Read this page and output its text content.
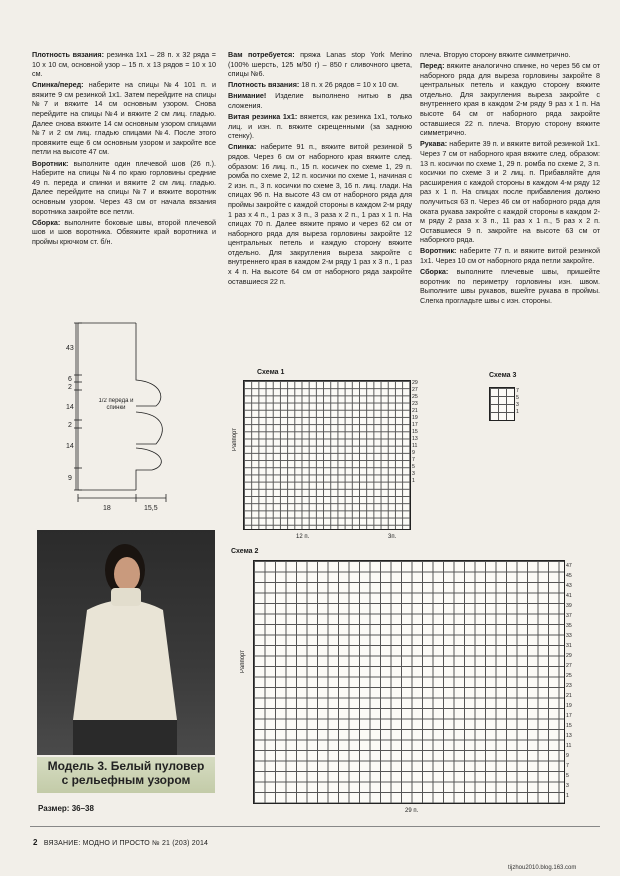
Плотность вязания: резинка 1х1 – 28 п. х 32 ряда = 10 х 10 см, основной узор – 15 п. х 13 рядов = 10 х 10 см.

Спинка/перед: наберите на спицы №4 101 п. и вяжите 9 см резинкой 1х1. Затем перейдите на спицы №7 и вяжите 14 см основным узором. Снова перейдите на спицы №4 и вяжите 2 см лиц. гладью. Далее снова вяжите 14 см основным узором спицами №7 и 2 см лиц. гладью спицами №4. После этого провяжите еще 6 см основным узором и закройте все петли на высоте 47 см.

Воротник: выполните один плечевой шов (26 п.). Наберите на спицы №4 по краю горловины средние 49 п. переда и спинки и вяжите 2 см лиц. гладью. Далее перейдите на спицы №7 и вяжите воротник основным узором. Через 43 см от начала вязания воротника закройте все петли.

Сборка: выполните боковые швы, второй плечевой шов и шов воротника. Обвяжите край воротника и проймы крючком ст. б/н.

Вам потребуется: пряжа Lanas stop York Merino (100% шерсть, 125 м/50 г) – 850 г сливочного цвета, спицы №6.

Плотность вязания: 18 п. х 26 рядов = 10 х 10 см.

Внимание! Изделие выполнено нитью в два сложения.

Витая резинка 1х1: вяжется, как резинка 1х1, только лиц. и изн. п. вяжите скрещенными (за заднюю стенку).

Спинка: наберите 91 п., вяжите витой резинкой 5 рядов. Через 6 см от наборного края вяжите след. образом: 16 лиц. п., 15 п. косичек по схеме 1, 29 п. ромба по схеме 2, 12 п. косички по схеме 1, начиная с 2 изн. п., 3 п. косички по схеме 3, 16 п. лиц. глади. На спицах 96 п. На высоте 43 см от наборного ряда для проймы закройте с каждой стороны в каждом 2-м ряду 1 раз х 4 п., 1 раз х 3 п., 3 раза х 2 п., 1 раз х 1 п. На спицах 70 п. Далее вяжите прямо и через 62 см от наборного ряда для выреза горловины закройте 12 центральных петель и каждую сторону вяжите отдельно. Для закругления выреза закройте с внутреннего края в каждом 2-м ряду 1 раз х 3 п., 1 раз х 4 п. На высоте 64 см от наборного ряда закройте оставшиеся 22 п.

плеча. Вторую сторону вяжите симметрично.

Перед: вяжите аналогично спинке, но через 56 см от наборного ряда для выреза горловины закройте 8 центральных петель и каждую сторону вяжите отдельно. Для закругления выреза закройте с внутреннего края в каждом 2-м ряду 9 раз х 1 п. На высоте 64 см от наборного ряда закройте оставшиеся 22 п. плеча. Вторую сторону вяжите симметрично.

Рукава: наберите 39 п. и вяжите витой резинкой 1х1. Через 7 см от наборного края вяжите след. образом: 13 п. косички по схеме 1, 29 п. ромба по схеме 2, 3 п. косички по схеме 3 и 2 лиц. п. Прибавляйте для расширения с каждой стороны в каждом 4-м ряду 12 раз х 1 п. На спицах после прибавления должно получиться 63 п. Через 46 см от наборного ряда для оката рукава закройте с каждой стороны в каждом 2-м ряду 2 раза х 3 п., 11 раз х 1 п., 5 раз х 2 п. Оставшиеся 9 п. закройте на высоте 63 см от наборного ряда.

Воротник: наберите 77 п. и вяжите витой резинкой 1х1. Через 10 см от наборного ряда петли закройте.

Сборка: выполните плечевые швы, пришейте воротник по периметру горловины изн. швом. Выполните швы рукавов, вшейте рукава в проймы. Слегка прогладьте швы с изн. стороны.

43
6
2
14
2
14
9
18	15,5
1/2 переда и спинки
Схема 1
Раппорт
29
27
25
23
21
19
17
15
13
11
9
7
5
3
1
12 п.	3п.
Схема 3
7
5
3
1
Схема 2
Раппорт
47
45
43
41
39
37
35
33
31
29
27
25
23
21
19
17
15
13
11
9
7
5
3
1
29 п.
Модель 3. Белый пуловер
с рельефным узором
Размер: 36–38
2 ВЯЗАНИЕ: МОДНО И ПРОСТО № 21 (203) 2014
tijzhou2010.blog.163.com
